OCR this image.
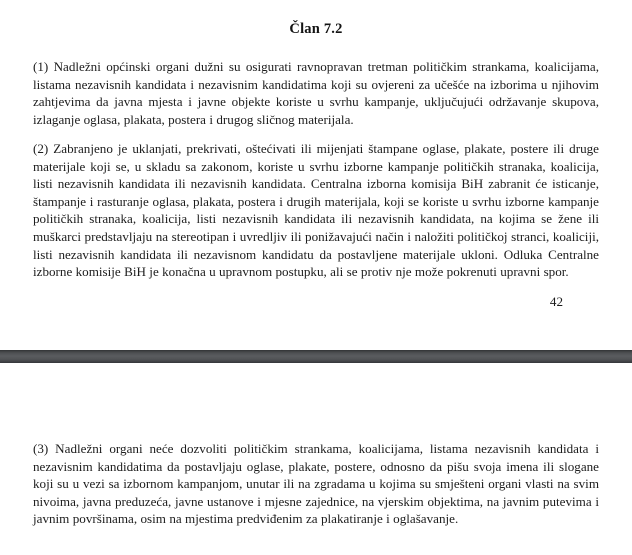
Član 7.2
(1) Nadležni općinski organi dužni su osigurati ravnopravan tretman političkim strankama, koalicijama, listama nezavisnih kandidata i nezavisnim kandidatima koji su ovjereni za učešće na izborima u njihovim zahtjevima da javna mjesta i javne objekte koriste u svrhu kampanje, uključujući održavanje skupova, izlaganje oglasa, plakata, postera i drugog sličnog materijala.
(2) Zabranjeno je uklanjati, prekrivati, oštećivati ili mijenjati štampane oglase, plakate, postere ili druge materijale koji se, u skladu sa zakonom, koriste u svrhu izborne kampanje političkih stranaka, koalicija, listi nezavisnih kandidata ili nezavisnih kandidata. Centralna izborna komisija BiH zabranit će isticanje, štampanje i rasturanje oglasa, plakata, postera i drugih materijala, koji se koriste u svrhu izborne kampanje političkih stranaka, koalicija, listi nezavisnih kandidata ili nezavisnih kandidata, na kojima se žene ili muškarci predstavljaju na stereotipan i uvredljiv ili ponižavajući način i naložiti političkoj stranci, koaliciji, listi nezavisnih kandidata ili nezavisnom kandidatu da postavljene materijale ukloni. Odluka Centralne izborne komisije BiH je konačna u upravnom postupku, ali se protiv nje može pokrenuti upravni spor.
42
(3) Nadležni organi neće dozvoliti političkim strankama, koalicijama, listama nezavisnih kandidata i nezavisnim kandidatima da postavljaju oglase, plakate, postere, odnosno da pišu svoja imena ili slogane koji su u vezi sa izbornom kampanjom, unutar ili na zgradama u kojima su smješteni organi vlasti na svim nivoima, javna preduzeća, javne ustanove i mjesne zajednice, na vjerskim objektima, na javnim putevima i javnim površinama, osim na mjestima predviđenim za plakatiranje i oglašavanje.
